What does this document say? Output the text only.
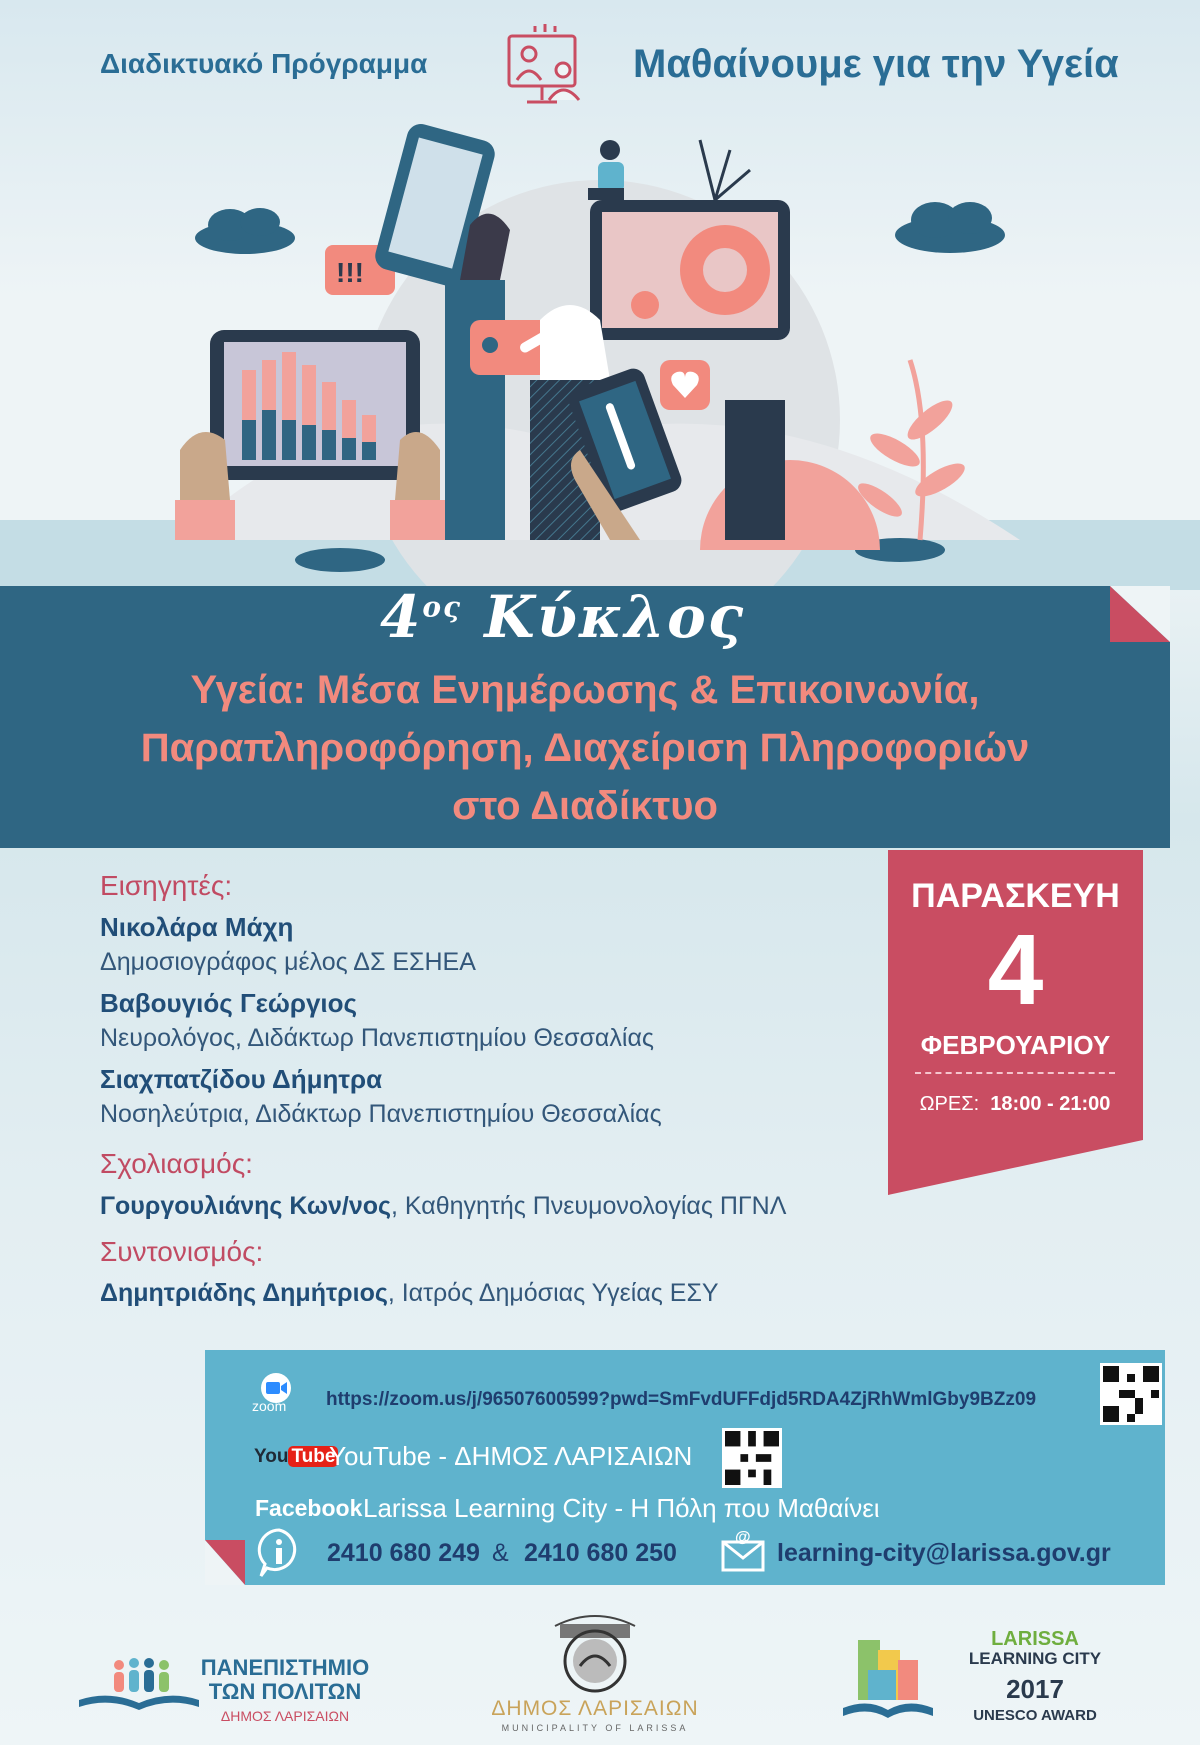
Διαδικτυακό Πρόγραμμα	Μαθαίνουμε για την Υγεία
!!!
$4^{o\varsigma}$ Κύκλος
Υγεία: Μέσα Ενημέρωσης & Επικοινωνία,
Παραπληροφόρηση, Διαχείριση Πληροφοριών
στο Διαδίκτυο
Εισηγητές:
Νικολάρα Μάχη
Δημοσιογράφος μέλος ΔΣ ΕΣΗΕΑ
Βαβουγιός Γεώργιος
Νευρολόγος, Διδάκτωρ Πανεπιστημίου Θεσσαλίας
Σιαχπατζίδου Δήμητρα
Νοσηλεύτρια, Διδάκτωρ Πανεπιστημίου Θεσσαλίας
Σχολιασμός:
Γουργουλιάνης Κων/νος, Καθηγητής Πνευμονολογίας ΠΓΝΛ
Συντονισμός:
Δημητριάδης Δημήτριος, Ιατρός Δημόσιας Υγείας ΕΣΥ
ΠΑΡΑΣΚΕΥΗ
4
ΦΕΒΡΟΥΑΡΙΟΥ
ΩΡΕΣ: 18:00 - 21:00
zoom https://zoom.us/j/96507600599?pwd=SmFvdUFFdjd5RDA4ZjRhWmlGby9BZz09
You Tube
YouTube - ΔΗΜΟΣ ΛΑΡΙΣΑΙΩΝ
Facebook Larissa Learning City - Η Πόλη που Μαθαίνει
2410 680 249 & 2410 680 250
@
learning-city@larissa.gov.gr
ΠΑΝΕΠΙΣΤΗΜΙΟ
ΤΩΝ ΠΟΛΙΤΩΝ
ΔΗΜΟΣ ΛΑΡΙΣΑΙΩΝ	ΔΗΜΟΣ ΛΑΡΙΣΑΙΩΝ
MUNICIPALITY OF LARISSA
LARISSA
LEARNING CITY
2017
UNESCO AWARD
